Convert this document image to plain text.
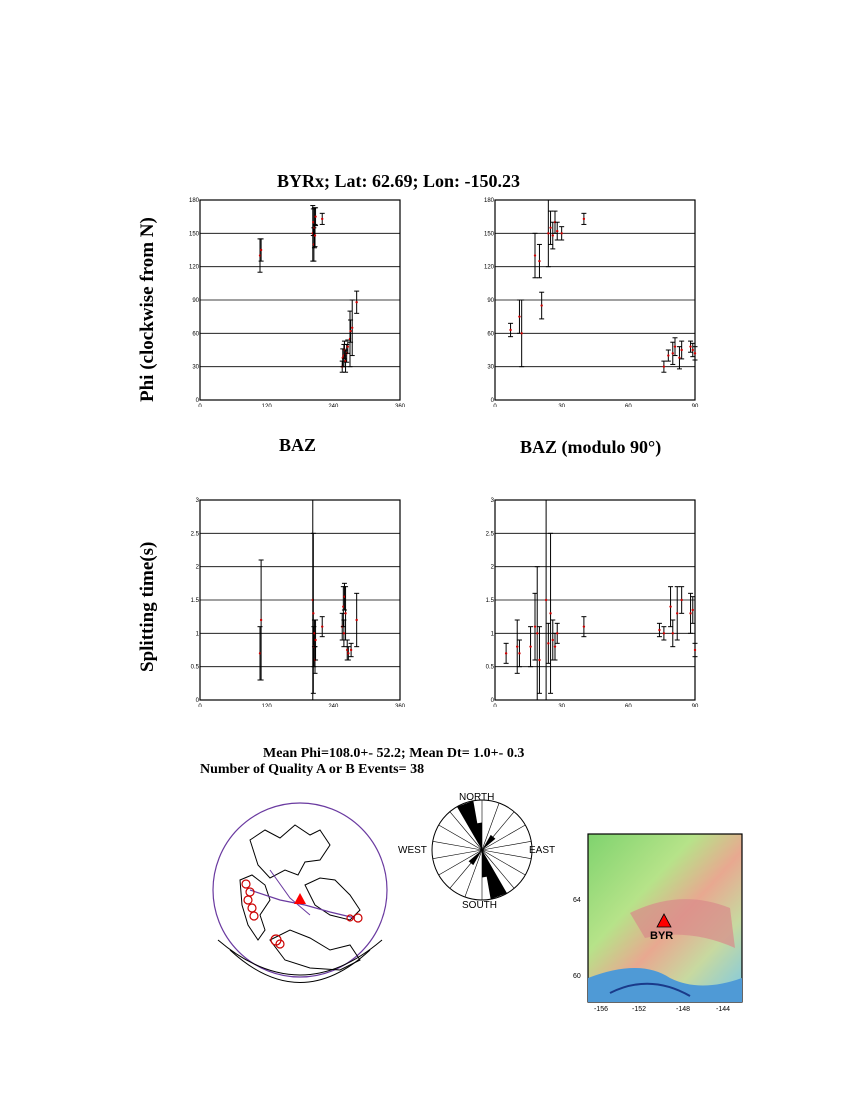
BYRx; Lat: 62.69; Lon: -150.23
Phi (clockwise from N)
Splitting time(s)
BAZ	BAZ (modulo 90°)
0
30
60
90
120
150
180
0	120	240	360
0
30
60
90
120
150
180
0	30	60	90
0
0.5
1
1.5
2
2.5
3
0	120	240	360
0
0.5
1
1.5
2
2.5
3
0	30	60	90
Mean Phi=108.0+- 52.2; Mean Dt= 1.0+- 0.3
Number of Quality A or B Events= 38
NORTH
SOUTH
WEST	EAST
BYR
64
60
-156	-152	-148	-144
